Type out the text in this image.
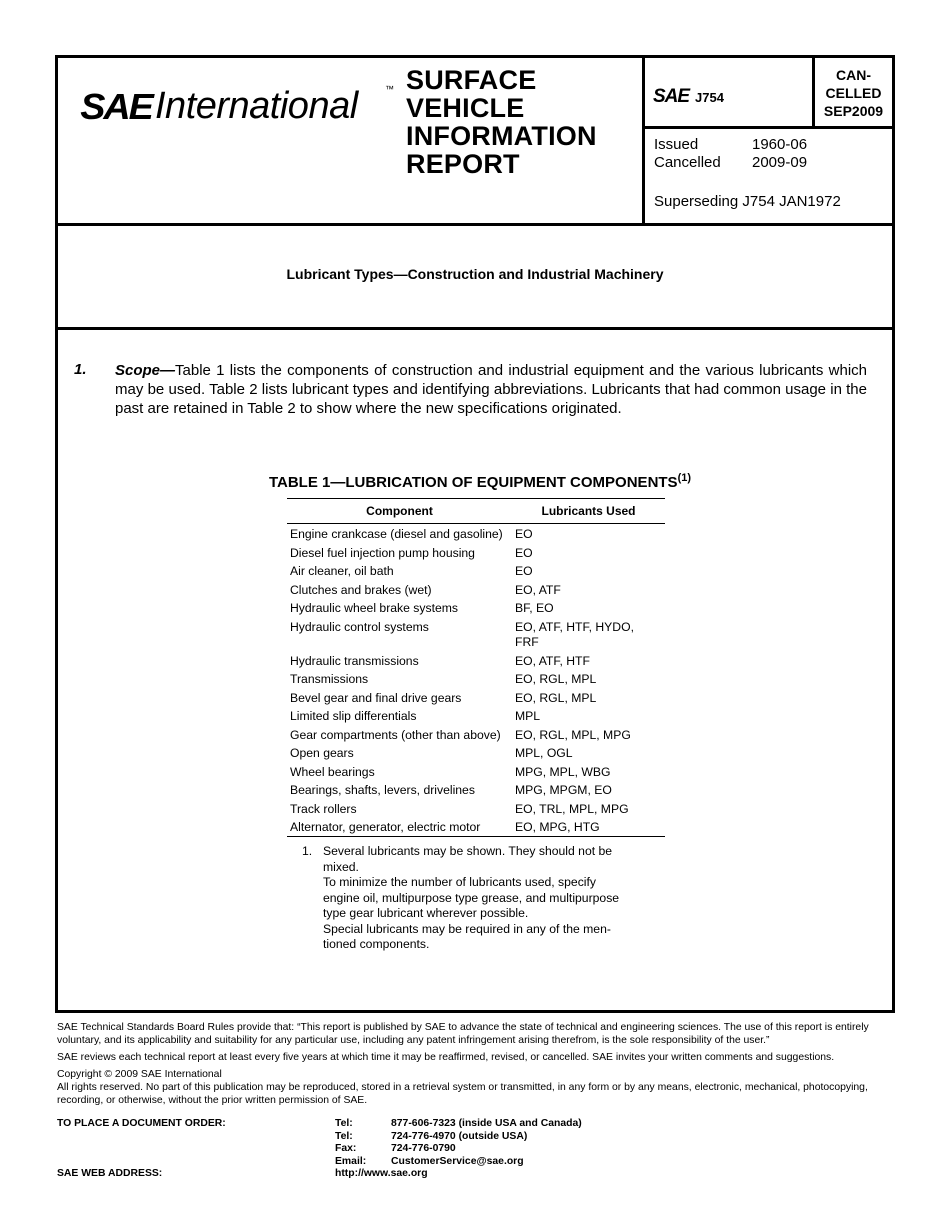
SAE International	™ SURFACE
VEHICLE
INFORMATION
REPORT
SAE J754
CAN-
CELLED
SEP2009
Issued	1960-06
Cancelled 2009-09
Superseding J754 JAN1972
Lubricant Types—Construction and Industrial Machinery
1. Scope—Table 1 lists the components of construction and industrial equipment and the various lubricants which may be used. Table 2 lists lubricant types and identifying abbreviations. Lubricants that had common usage in the past are retained in Table 2 to show where the new specifications originated.
TABLE 1—LUBRICATION OF EQUIPMENT COMPONENTS$^{(1)}$
Component	Lubricants Used
Engine crankcase (diesel and gasoline) EO
Diesel fuel injection pump housing	EO
Air cleaner, oil bath	EO
Clutches and brakes (wet)	EO, ATF
Hydraulic wheel brake systems	BF, EO
Hydraulic control systems	EO, ATF, HTF, HYDO, FRF
Hydraulic transmissions	EO, ATF, HTF
Transmissions	EO, RGL, MPL
Bevel gear and final drive gears	EO, RGL, MPL
Limited slip differentials	MPL
Gear compartments (other than above) EO, RGL, MPL, MPG
Open gears	MPL, OGL
Wheel bearings	MPG, MPL, WBG
Bearings, shafts, levers, drivelines	MPG, MPGM, EO
Track rollers	EO, TRL, MPL, MPG
Alternator, generator, electric motor	EO, MPG, HTG
1. Several lubricants may be shown. They should not be
mixed.
To minimize the number of lubricants used, specify
engine oil, multipurpose type grease, and multipurpose
type gear lubricant wherever possible.
Special lubricants may be required in any of the men-
tioned components.

SAE Technical Standards Board Rules provide that: “This report is published by SAE to advance the state of technical and engineering sciences. The use of this report is entirely voluntary, and its applicability and suitability for any particular use, including any patent infringement arising therefrom, is the sole responsibility of the user.”

SAE reviews each technical report at least every five years at which time it may be reaffirmed, revised, or cancelled. SAE invites your written comments and suggestions.

Copyright © 2009 SAE International
All rights reserved. No part of this publication may be reproduced, stored in a retrieval system or transmitted, in any form or by any means, electronic, mechanical, photocopying, recording, or otherwise, without the prior written permission of SAE.
TO PLACE A DOCUMENT ORDER:
SAE WEB ADDRESS:
Tel:	877-606-7323 (inside USA and Canada)
Tel:	724-776-4970 (outside USA)
Fax:	724-776-0790
Email: CustomerService@sae.org
http://www.sae.org
